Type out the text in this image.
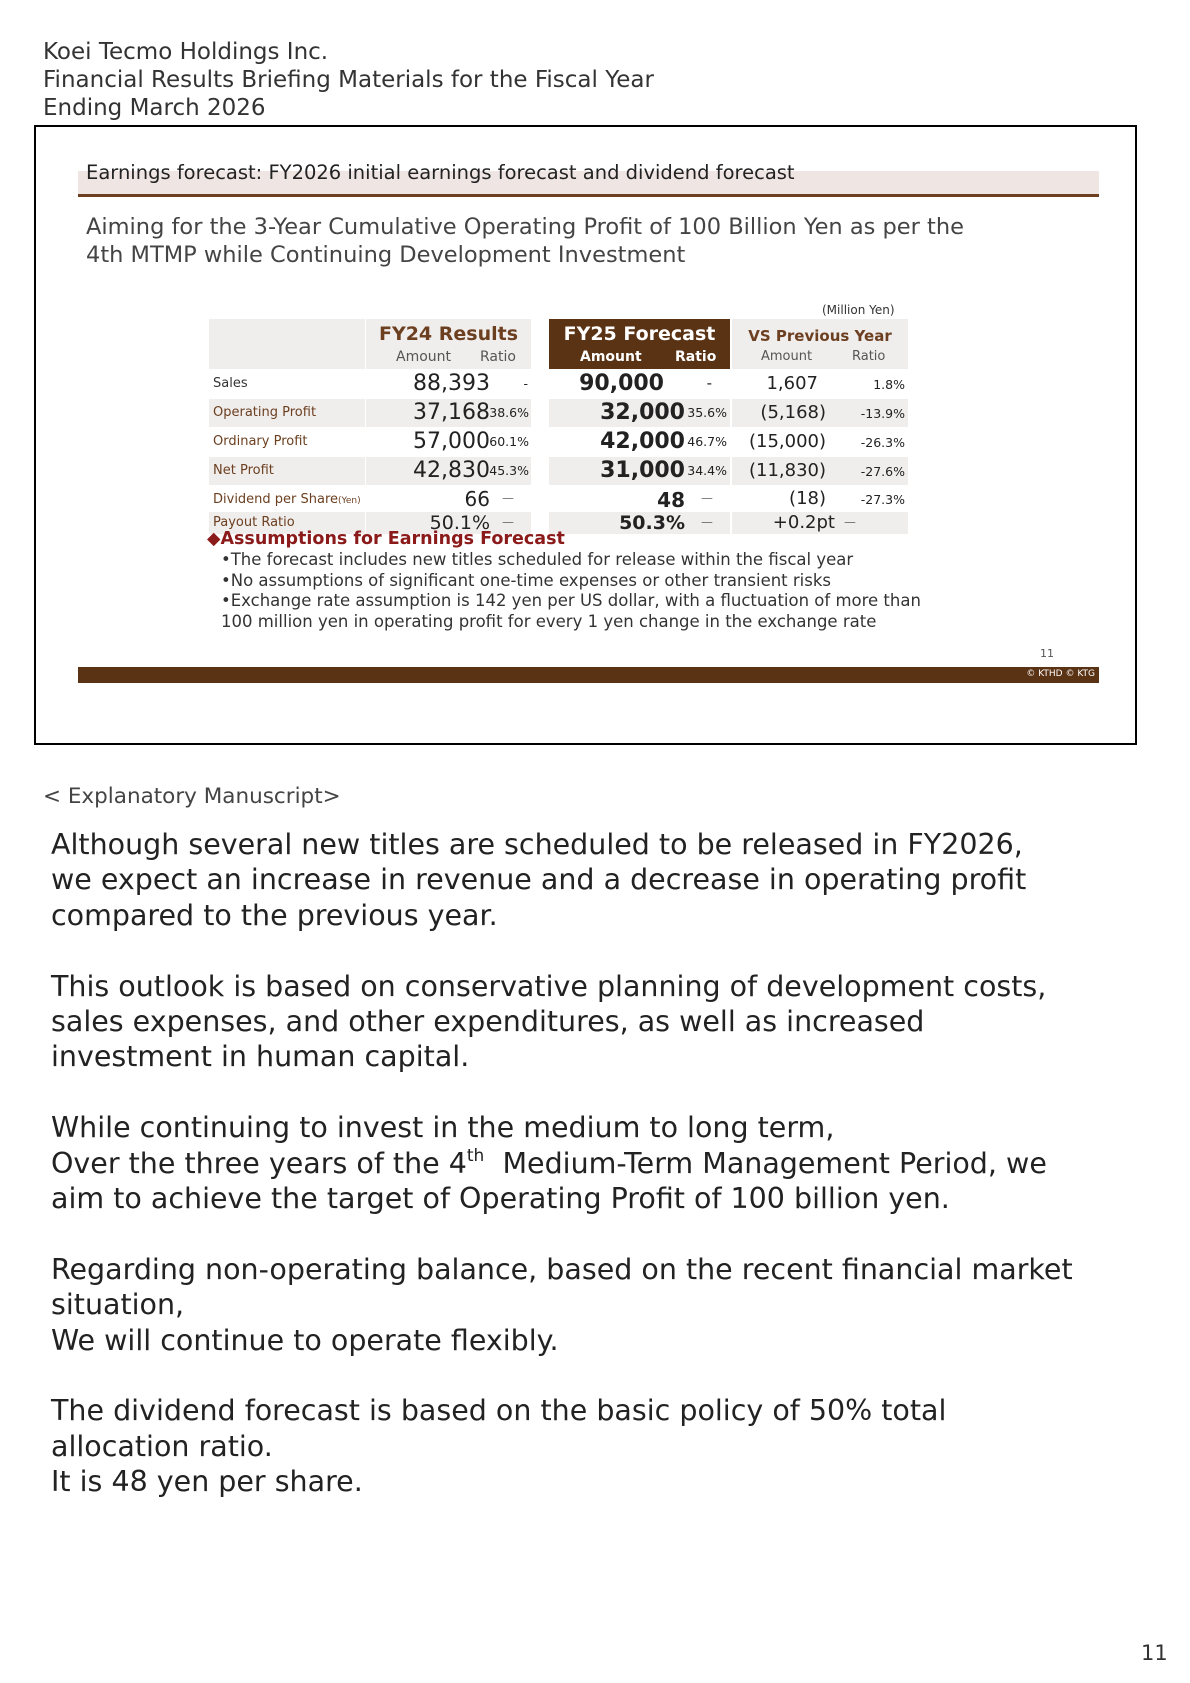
Koei Tecmo Holdings Inc.
Financial Results Briefing Materials for the Fiscal Year
Ending March 2026
Earnings forecast: FY2026 initial earnings forecast and dividend forecast
Aiming for the 3-Year Cumulative Operating Profit of 100 Billion Yen as per the
4th MTMP while Continuing Development Investment
(Million Yen)
FY24 Results
Amount Ratio
FY25 Forecast
Amount Ratio
VS Previous Year
Amount	Ratio
Sales	88,393	-	90,000	-	1,607	1.8%
Operating Profit	37,168 38.6%	32,000 35.6%	(5,168)	-13.9%
Ordinary Profit	57,000 60.1%	42,000 46.7%	(15,000)	-26.3%
Net Profit	42,830 45.3%	31,000 34.4%	(11,830)	-27.6%
Dividend per Share(Yen)	66 －	48 －	(18)	-27.3%
Payout Ratio	50.1% －	50.3% －	+0.2pt －
◆Assumptions for Earnings Forecast
•The forecast includes new titles scheduled for release within the fiscal year
•No assumptions of significant one-time expenses or other transient risks
•Exchange rate assumption is 142 yen per US dollar, with a fluctuation of more than
100 million yen in operating profit for every 1 yen change in the exchange rate
11
© KTHD © KTG
< Explanatory Manuscript>
Although several new titles are scheduled to be released in FY2026,
we expect an increase in revenue and a decrease in operating profit
compared to the previous year.
This outlook is based on conservative planning of development costs,
sales expenses, and other expenditures, as well as increased
investment in human capital.
While continuing to invest in the medium to long term,
Over the three years of the 4th  Medium-Term Management Period, we
aim to achieve the target of Operating Profit of 100 billion yen.
Regarding non-operating balance, based on the recent financial market
situation,
We will continue to operate flexibly.
The dividend forecast is based on the basic policy of 50% total
allocation ratio.
It is 48 yen per share.
11
